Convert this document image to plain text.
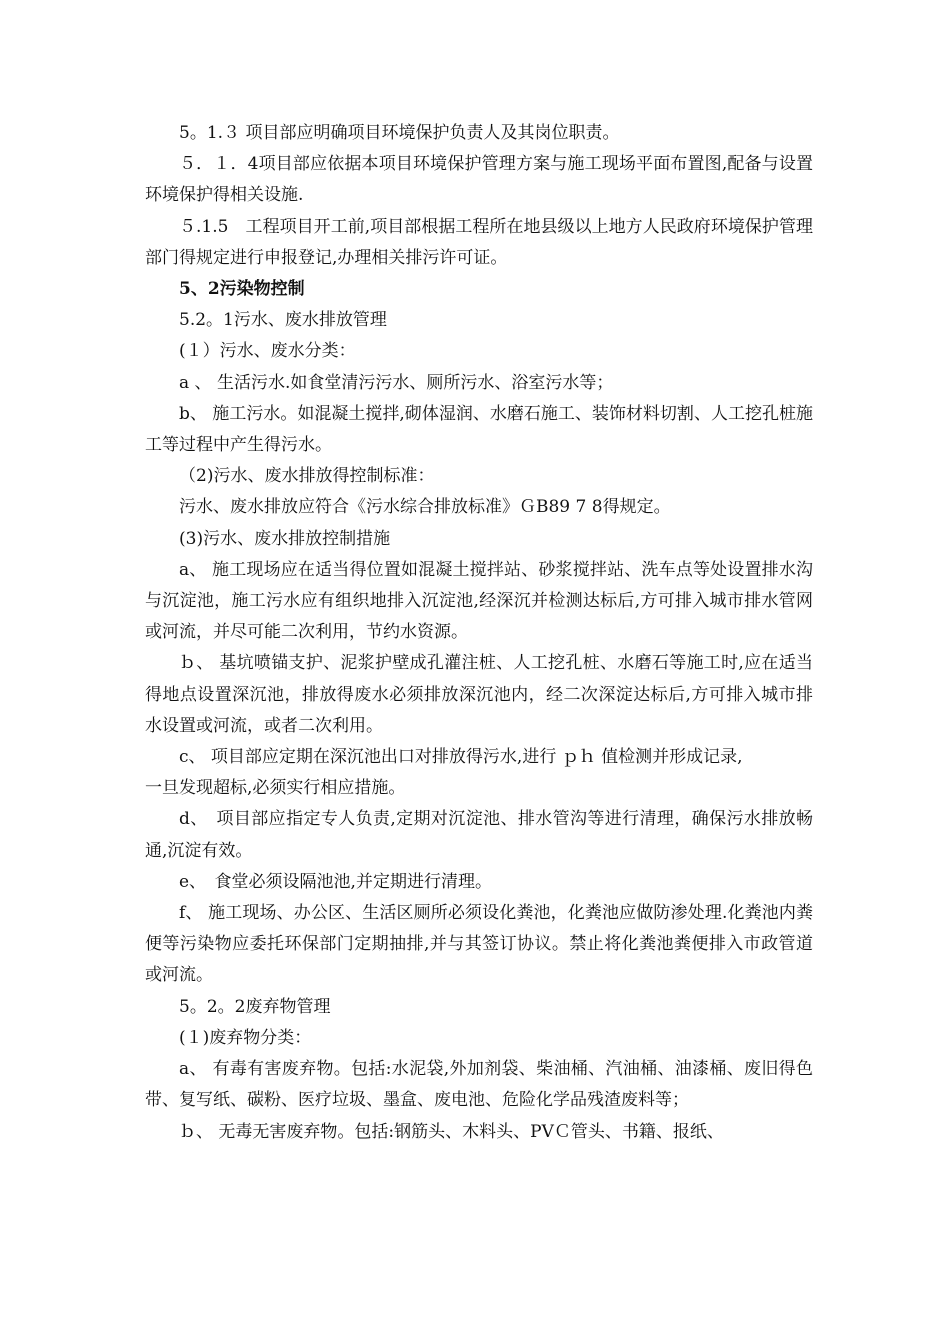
5。1.３ 项目部应明确项目环境保护负责人及其岗位职责。

５．１．4项目部应依据本项目环境保护管理方案与施工现场平面布置图,配备与设置环境保护得相关设施.

５.1.5　工程项目开工前,项目部根据工程所在地县级以上地方人民政府环境保护管理部门得规定进行申报登记,办理相关排污许可证。

5、2污染物控制

5.2。1污水、废水排放管理

(１）污水、废水分类：

a 、 生活污水.如食堂清污污水、厕所污水、浴室污水等；

b、 施工污水。如混凝土搅拌,砌体湿润、水磨石施工、装饰材料切割、人工挖孔桩施工等过程中产生得污水。

（2)污水、废水排放得控制标准：

污水、废水排放应符合《污水综合排放标准》ＧB89 7 8得规定。

(3)污水、废水排放控制措施

a、 施工现场应在适当得位置如混凝土搅拌站、砂浆搅拌站、洗车点等处设置排水沟与沉淀池，施工污水应有组织地排入沉淀池,经深沉并检测达标后,方可排入城市排水管网或河流，并尽可能二次利用，节约水资源。

ｂ、 基坑喷锚支护、泥浆护壁成孔灌注桩、人工挖孔桩、水磨石等施工时,应在适当得地点设置深沉池，排放得废水必须排放深沉池内，经二次深淀达标后,方可排入城市排水设置或河流，或者二次利用。

c、 项目部应定期在深沉池出口对排放得污水,进行 ｐｈ 值检测并形成记录,

一旦发现超标,必须实行相应措施。

d、　项目部应指定专人负责,定期对沉淀池、排水管沟等进行清理，确保污水排放畅通,沉淀有效。

e、　食堂必须设隔池池,并定期进行清理。

f、 施工现场、办公区、生活区厕所必须设化粪池，化粪池应做防渗处理.化粪池内粪便等污染物应委托环保部门定期抽排,并与其签订协议。禁止将化粪池粪便排入市政管道或河流。

5。2。2废弃物管理

(１)废弃物分类：

a、 有毒有害废弃物。包括:水泥袋,外加剂袋、柴油桶、汽油桶、油漆桶、废旧得色带、复写纸、碳粉、医疗垃圾、墨盒、废电池、危险化学品残渣废料等；

ｂ、 无毒无害废弃物。包括:钢筋头、木料头、PVＣ管头、书籍、报纸、
